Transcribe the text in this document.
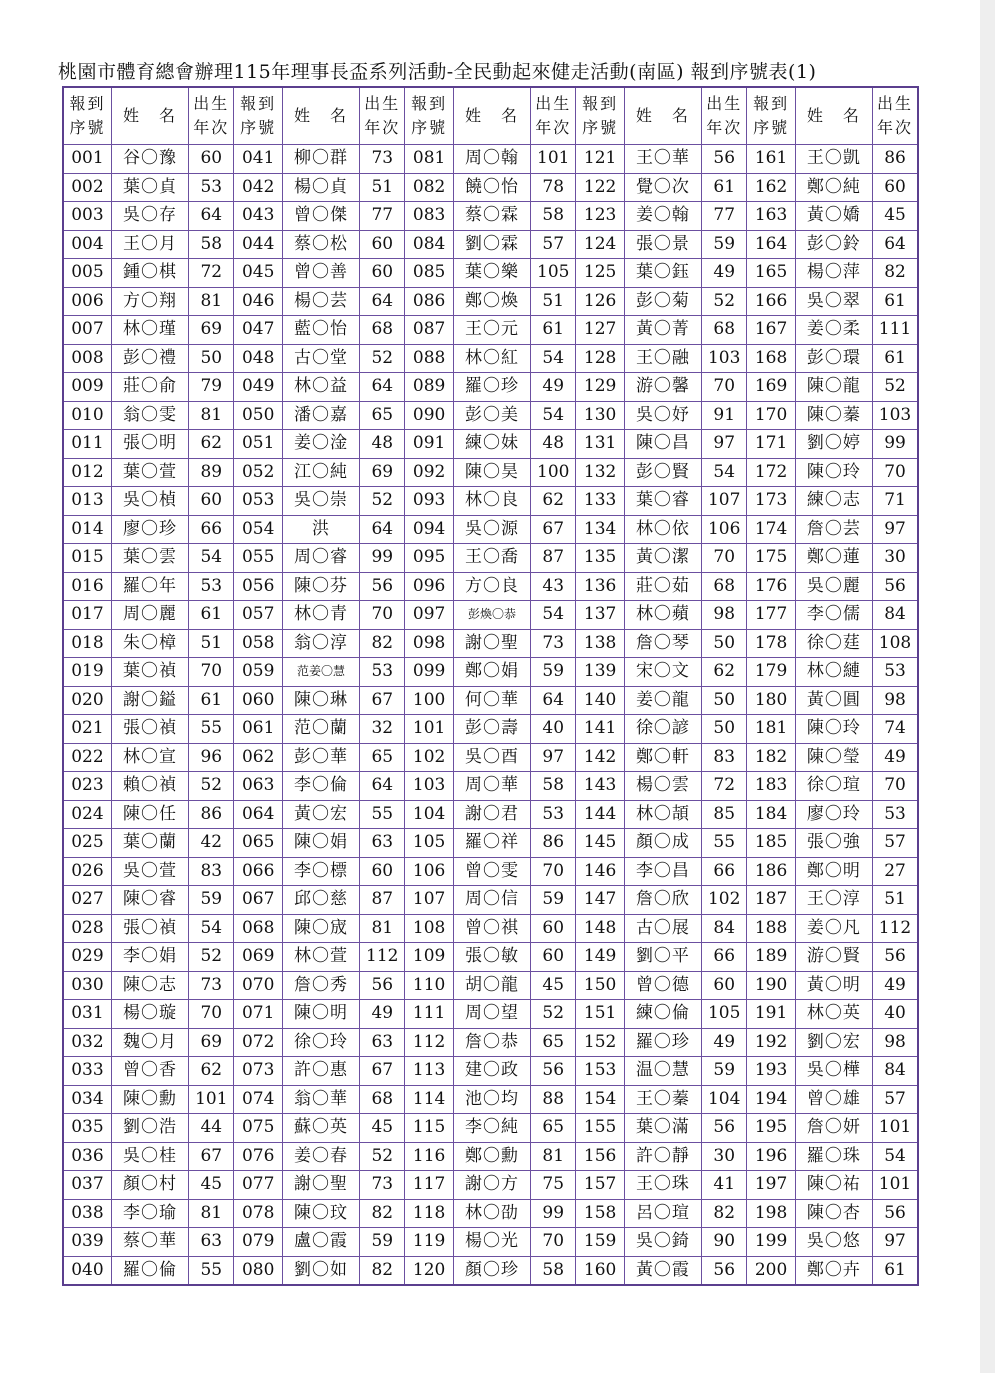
桃園市體育總會辦理115年理事長盃系列活動-全民動起來健走活動(南區) 報到序號表(1)
報到序號	姓　名	出生年次	報到序號	姓　名	出生年次	報到序號	姓　名	出生年次	報到序號	姓　名	出生年次	報到序號	姓　名	出生年次
001	谷〇豫	60	041	柳〇群	73	081	周〇翰	101	121	王〇華	56	161	王〇凱	86
002	葉〇貞	53	042	楊〇貞	51	082	饒〇怡	78	122	覺〇次	61	162	鄭〇純	60
003	吳〇存	64	043	曾〇傑	77	083	蔡〇霖	58	123	姜〇翰	77	163	黃〇嬌	45
004	王〇月	58	044	蔡〇松	60	084	劉〇霖	57	124	張〇景	59	164	彭〇鈴	64
005	鍾〇棋	72	045	曾〇善	60	085	葉〇樂	105	125	葉〇鈺	49	165	楊〇萍	82
006	方〇翔	81	046	楊〇芸	64	086	鄭〇煥	51	126	彭〇菊	52	166	吳〇翠	61
007	林〇瑾	69	047	藍〇怡	68	087	王〇元	61	127	黃〇菁	68	167	姜〇柔	111
008	彭〇禮	50	048	古〇堂	52	088	林〇紅	54	128	王〇融	103	168	彭〇環	61
009	莊〇俞	79	049	林〇益	64	089	羅〇珍	49	129	游〇馨	70	169	陳〇龍	52
010	翁〇雯	81	050	潘〇嘉	65	090	彭〇美	54	130	吳〇妤	91	170	陳〇蓁	103
011	張〇明	62	051	姜〇淦	48	091	練〇妹	48	131	陳〇昌	97	171	劉〇婷	99
012	葉〇萱	89	052	江〇純	69	092	陳〇昊	100	132	彭〇賢	54	172	陳〇玲	70
013	吳〇楨	60	053	吳〇崇	52	093	林〇良	62	133	葉〇睿	107	173	練〇志	71
014	廖〇珍	66	054	洪	64	094	吳〇源	67	134	林〇依	106	174	詹〇芸	97
015	葉〇雲	54	055	周〇睿	99	095	王〇喬	87	135	黃〇潔	70	175	鄭〇蓮	30
016	羅〇年	53	056	陳〇芬	56	096	方〇良	43	136	莊〇茹	68	176	吳〇麗	56
017	周〇麗	61	057	林〇青	70	097	彭煥〇恭	54	137	林〇蘋	98	177	李〇儒	84
018	朱〇樟	51	058	翁〇淳	82	098	謝〇聖	73	138	詹〇琴	50	178	徐〇莛	108
019	葉〇禎	70	059	范姜〇慧	53	099	鄭〇娟	59	139	宋〇文	62	179	林〇縺	53
020	謝〇鎰	61	060	陳〇琳	67	100	何〇華	64	140	姜〇龍	50	180	黃〇圓	98
021	張〇禎	55	061	范〇蘭	32	101	彭〇壽	40	141	徐〇諺	50	181	陳〇玲	74
022	林〇宣	96	062	彭〇華	65	102	吳〇酉	97	142	鄭〇軒	83	182	陳〇瑩	49
023	賴〇禎	52	063	李〇倫	64	103	周〇華	58	143	楊〇雲	72	183	徐〇瑄	70
024	陳〇任	86	064	黃〇宏	55	104	謝〇君	53	144	林〇頡	85	184	廖〇玲	53
025	葉〇蘭	42	065	陳〇娟	63	105	羅〇祥	86	145	顏〇成	55	185	張〇強	57
026	吳〇萱	83	066	李〇標	60	106	曾〇雯	70	146	李〇昌	66	186	鄭〇明	27
027	陳〇睿	59	067	邱〇慈	87	107	周〇信	59	147	詹〇欣	102	187	王〇淳	51
028	張〇禎	54	068	陳〇宬	81	108	曾〇祺	60	148	古〇展	84	188	姜〇凡	112
029	李〇娟	52	069	林〇萱	112	109	張〇敏	60	149	劉〇平	66	189	游〇賢	56
030	陳〇志	73	070	詹〇秀	56	110	胡〇龍	45	150	曾〇德	60	190	黃〇明	49
031	楊〇璇	70	071	陳〇明	49	111	周〇望	52	151	練〇倫	105	191	林〇英	40
032	魏〇月	69	072	徐〇玲	63	112	詹〇恭	65	152	羅〇珍	49	192	劉〇宏	98
033	曾〇香	62	073	許〇惠	67	113	建〇政	56	153	温〇慧	59	193	吳〇樺	84
034	陳〇勳	101	074	翁〇華	68	114	池〇均	88	154	王〇蓁	104	194	曾〇雄	57
035	劉〇浩	44	075	蘇〇英	45	115	李〇純	65	155	葉〇滿	56	195	詹〇妍	101
036	吳〇桂	67	076	姜〇春	52	116	鄭〇勳	81	156	許〇靜	30	196	羅〇珠	54
037	顏〇村	45	077	謝〇聖	73	117	謝〇方	75	157	王〇珠	41	197	陳〇祐	101
038	李〇瑜	81	078	陳〇玟	82	118	林〇劭	99	158	呂〇瑄	82	198	陳〇杏	56
039	蔡〇華	63	079	盧〇霞	59	119	楊〇光	70	159	吳〇錡	90	199	吳〇悠	97
040	羅〇倫	55	080	劉〇如	82	120	顏〇珍	58	160	黃〇霞	56	200	鄭〇卉	61
